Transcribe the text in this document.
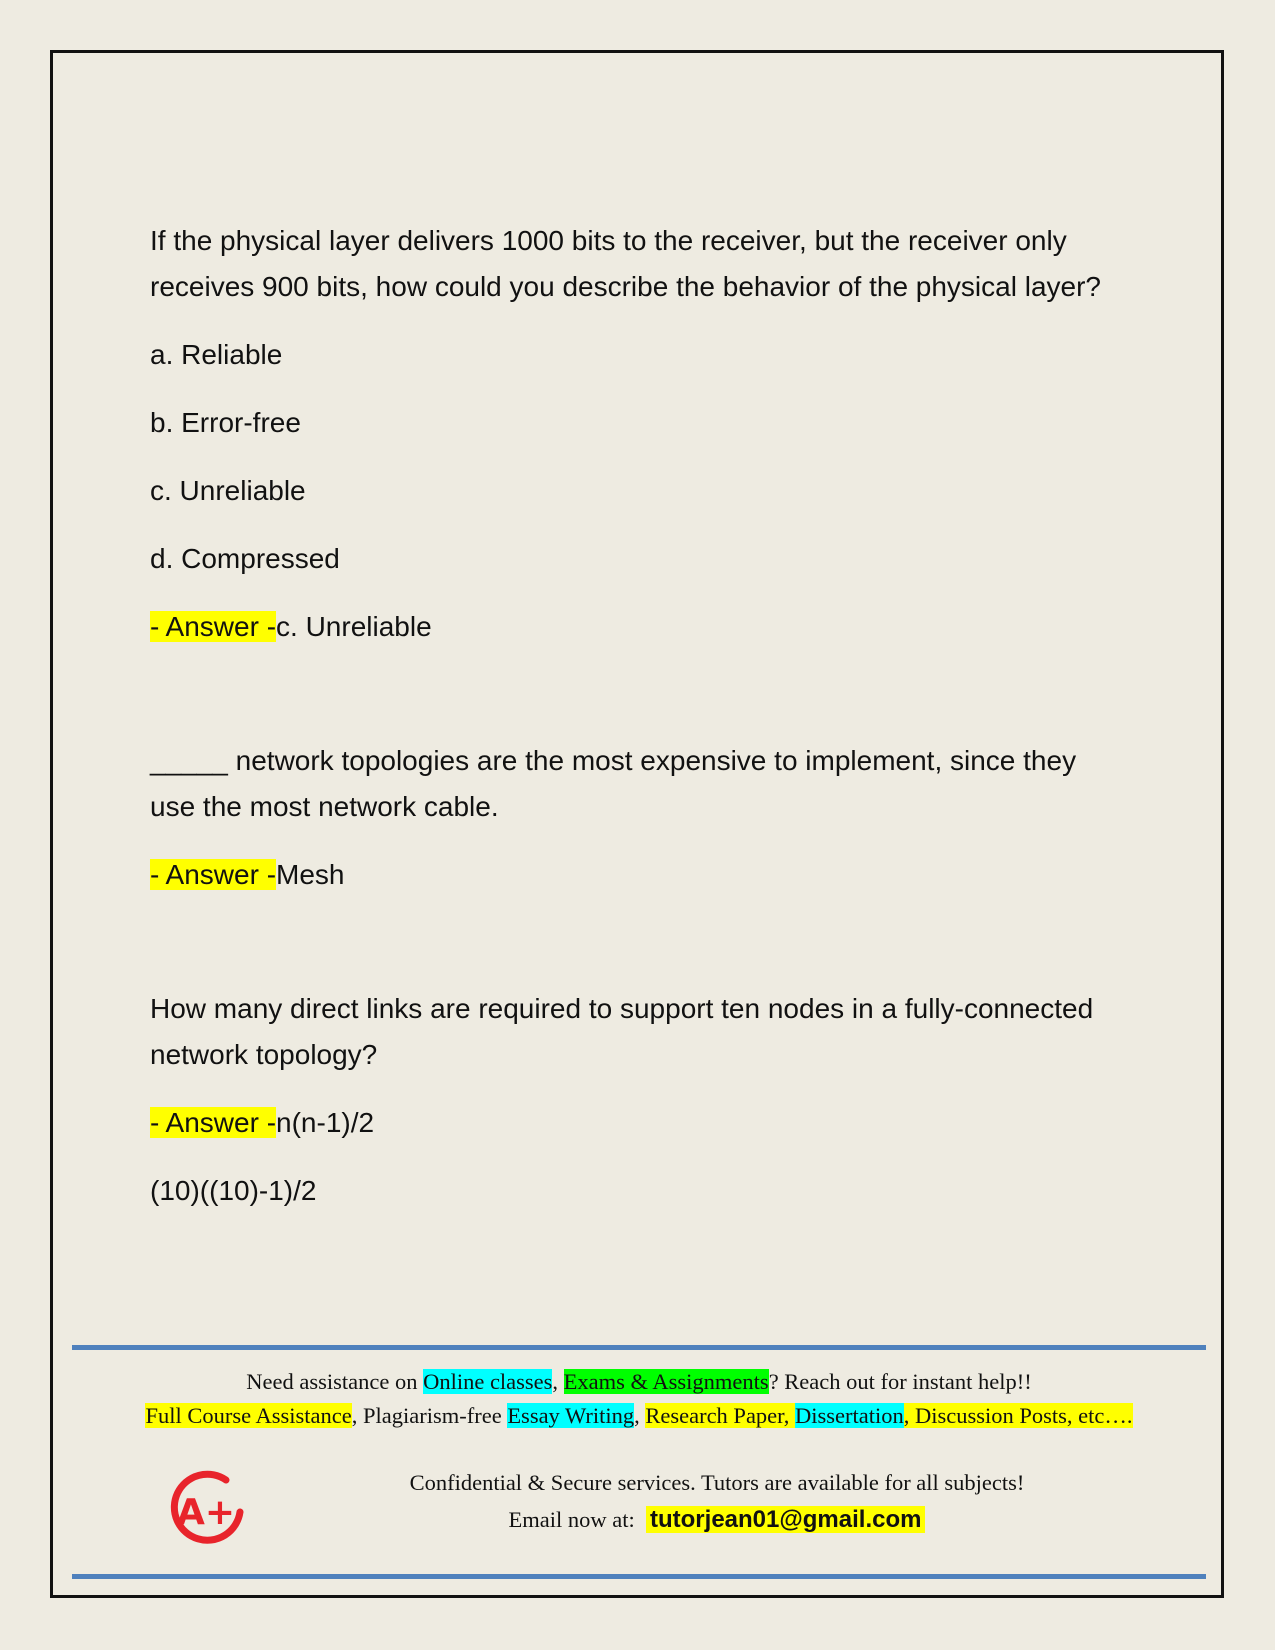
If the physical layer delivers 1000 bits to the receiver, but the receiver only receives 900 bits, how could you describe the behavior of the physical layer?

a. Reliable

b. Error-free

c. Unreliable

d. Compressed

- Answer -c. Unreliable

_____ network topologies are the most expensive to implement, since they use the most network cable.

- Answer -Mesh

How many direct links are required to support ten nodes in a fully-connected network topology?

- Answer -n(n-1)/2

(10)((10)-1)/2

Need assistance on Online classes, Exams & Assignments? Reach out for instant help!!
Full Course Assistance, Plagiarism-free Essay Writing, Research Paper, Dissertation, Discussion Posts, etc….
A+
Confidential & Secure services. Tutors are available for all subjects!
Email now at: tutorjean01@gmail.com
